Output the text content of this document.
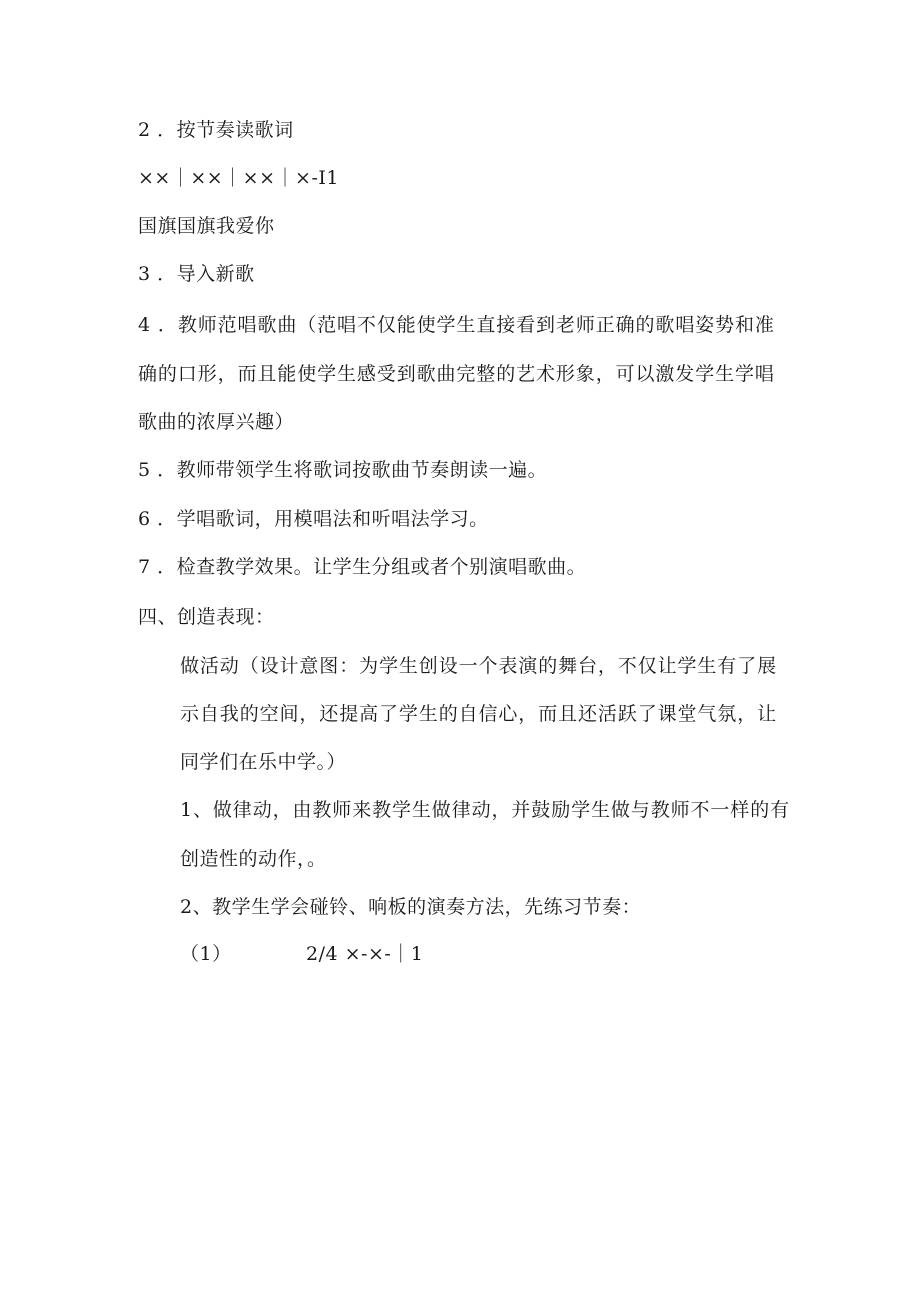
2 ．按节奏读歌词
××｜××｜××｜×-I1
国旗国旗我爱你
3 ．导入新歌
4 ．教师范唱歌曲（范唱不仅能使学生直接看到老师正确的歌唱姿势和准
确的口形，而且能使学生感受到歌曲完整的艺术形象，可以激发学生学唱
歌曲的浓厚兴趣）
5 ．教师带领学生将歌词按歌曲节奏朗读一遍。
6 ．学唱歌词，用模唱法和听唱法学习。
7 ．检查教学效果。让学生分组或者个别演唱歌曲。
四、创造表现：
做活动（设计意图：为学生创设一个表演的舞台，不仅让学生有了展
示自我的空间，还提高了学生的自信心，而且还活跃了课堂气氛，让
同学们在乐中学。）
1、做律动，由教师来教学生做律动，并鼓励学生做与教师不一样的有
创造性的动作，。
2、教学生学会碰铃、响板的演奏方法，先练习节奏：
（1）	2/4 ×-×-｜1
